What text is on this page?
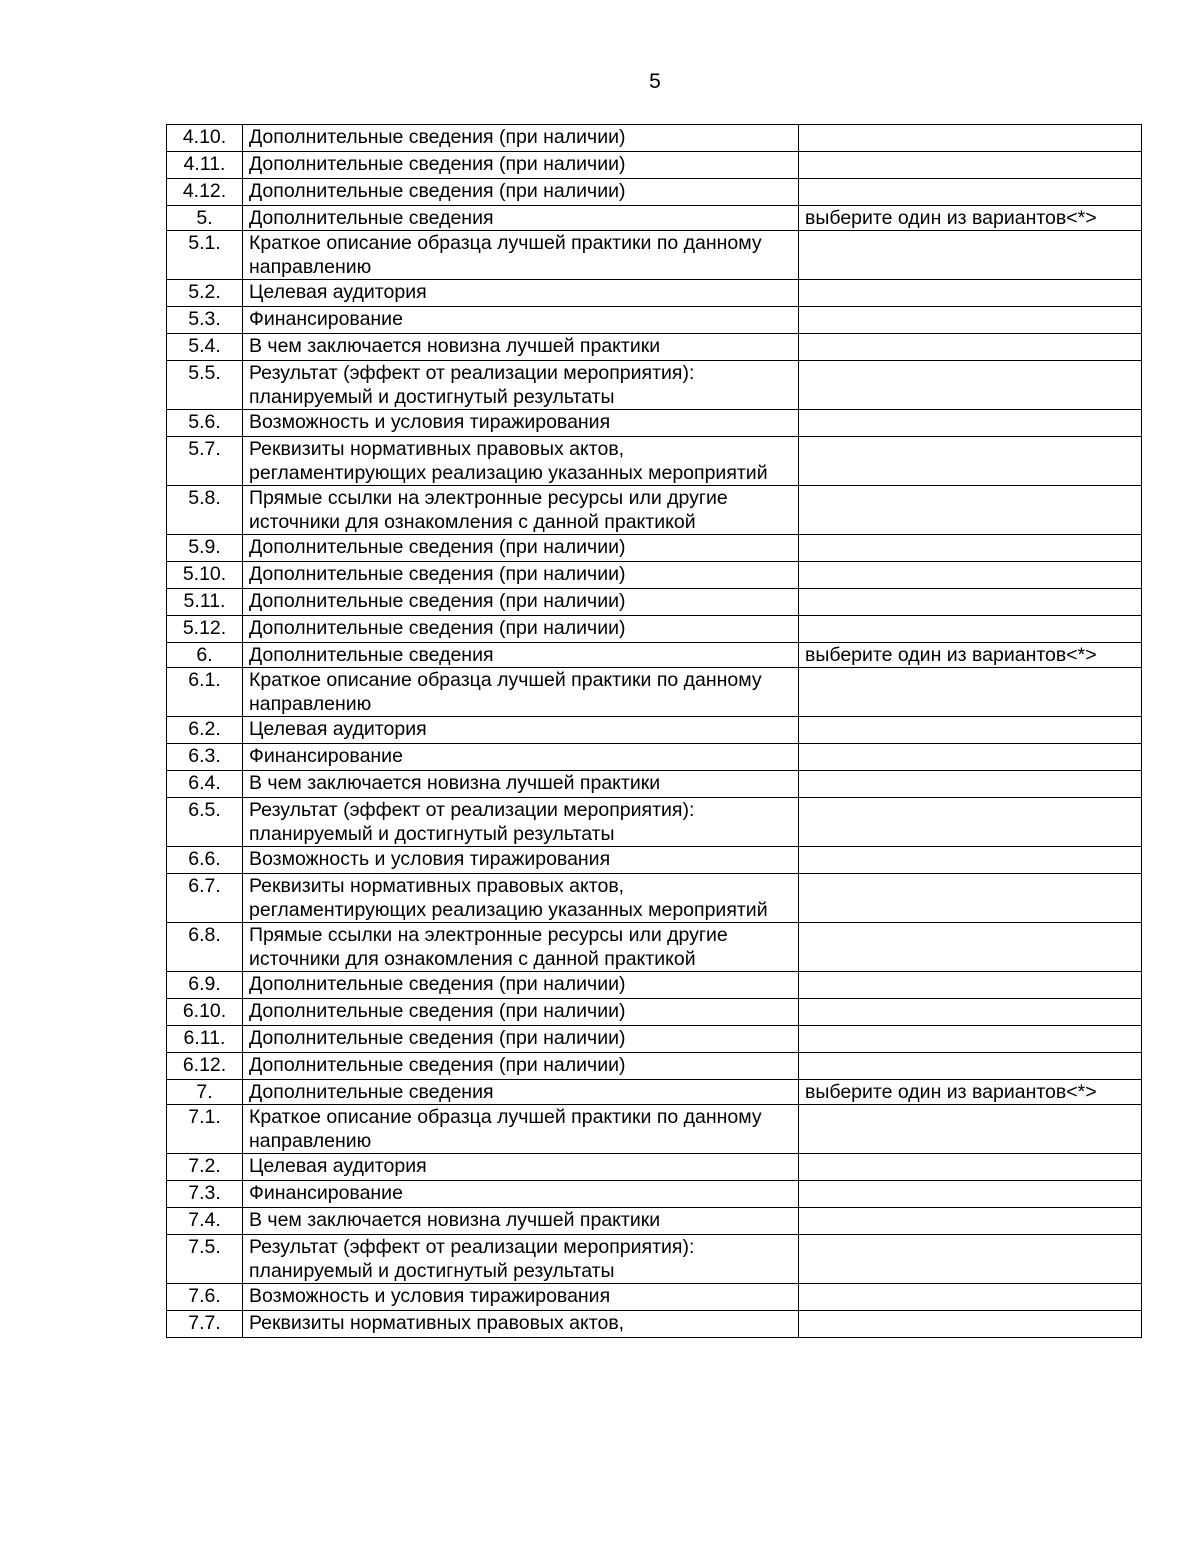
5
4.10.	Дополнительные сведения (при наличии)	
4.11.	Дополнительные сведения (при наличии)	
4.12.	Дополнительные сведения (при наличии)	
5.	Дополнительные сведения	выберите один из вариантов<*>
5.1.	Краткое описание образца лучшей практики по данному направлению	
5.2.	Целевая аудитория	
5.3.	Финансирование	
5.4.	В чем заключается новизна лучшей практики	
5.5.	Результат (эффект от реализации мероприятия): планируемый и достигнутый результаты	
5.6.	Возможность и условия тиражирования	
5.7.	Реквизиты нормативных правовых актов, регламентирующих реализацию указанных мероприятий	
5.8.	Прямые ссылки на электронные ресурсы или другие источники для ознакомления с данной практикой	
5.9.	Дополнительные сведения (при наличии)	
5.10.	Дополнительные сведения (при наличии)	
5.11.	Дополнительные сведения (при наличии)	
5.12.	Дополнительные сведения (при наличии)	
6.	Дополнительные сведения	выберите один из вариантов<*>
6.1.	Краткое описание образца лучшей практики по данному направлению	
6.2.	Целевая аудитория	
6.3.	Финансирование	
6.4.	В чем заключается новизна лучшей практики	
6.5.	Результат (эффект от реализации мероприятия): планируемый и достигнутый результаты	
6.6.	Возможность и условия тиражирования	
6.7.	Реквизиты нормативных правовых актов, регламентирующих реализацию указанных мероприятий	
6.8.	Прямые ссылки на электронные ресурсы или другие источники для ознакомления с данной практикой	
6.9.	Дополнительные сведения (при наличии)	
6.10.	Дополнительные сведения (при наличии)	
6.11.	Дополнительные сведения (при наличии)	
6.12.	Дополнительные сведения (при наличии)	
7.	Дополнительные сведения	выберите один из вариантов<*>
7.1.	Краткое описание образца лучшей практики по данному направлению	
7.2.	Целевая аудитория	
7.3.	Финансирование	
7.4.	В чем заключается новизна лучшей практики	
7.5.	Результат (эффект от реализации мероприятия): планируемый и достигнутый результаты	
7.6.	Возможность и условия тиражирования	
7.7.	Реквизиты нормативных правовых актов,	
